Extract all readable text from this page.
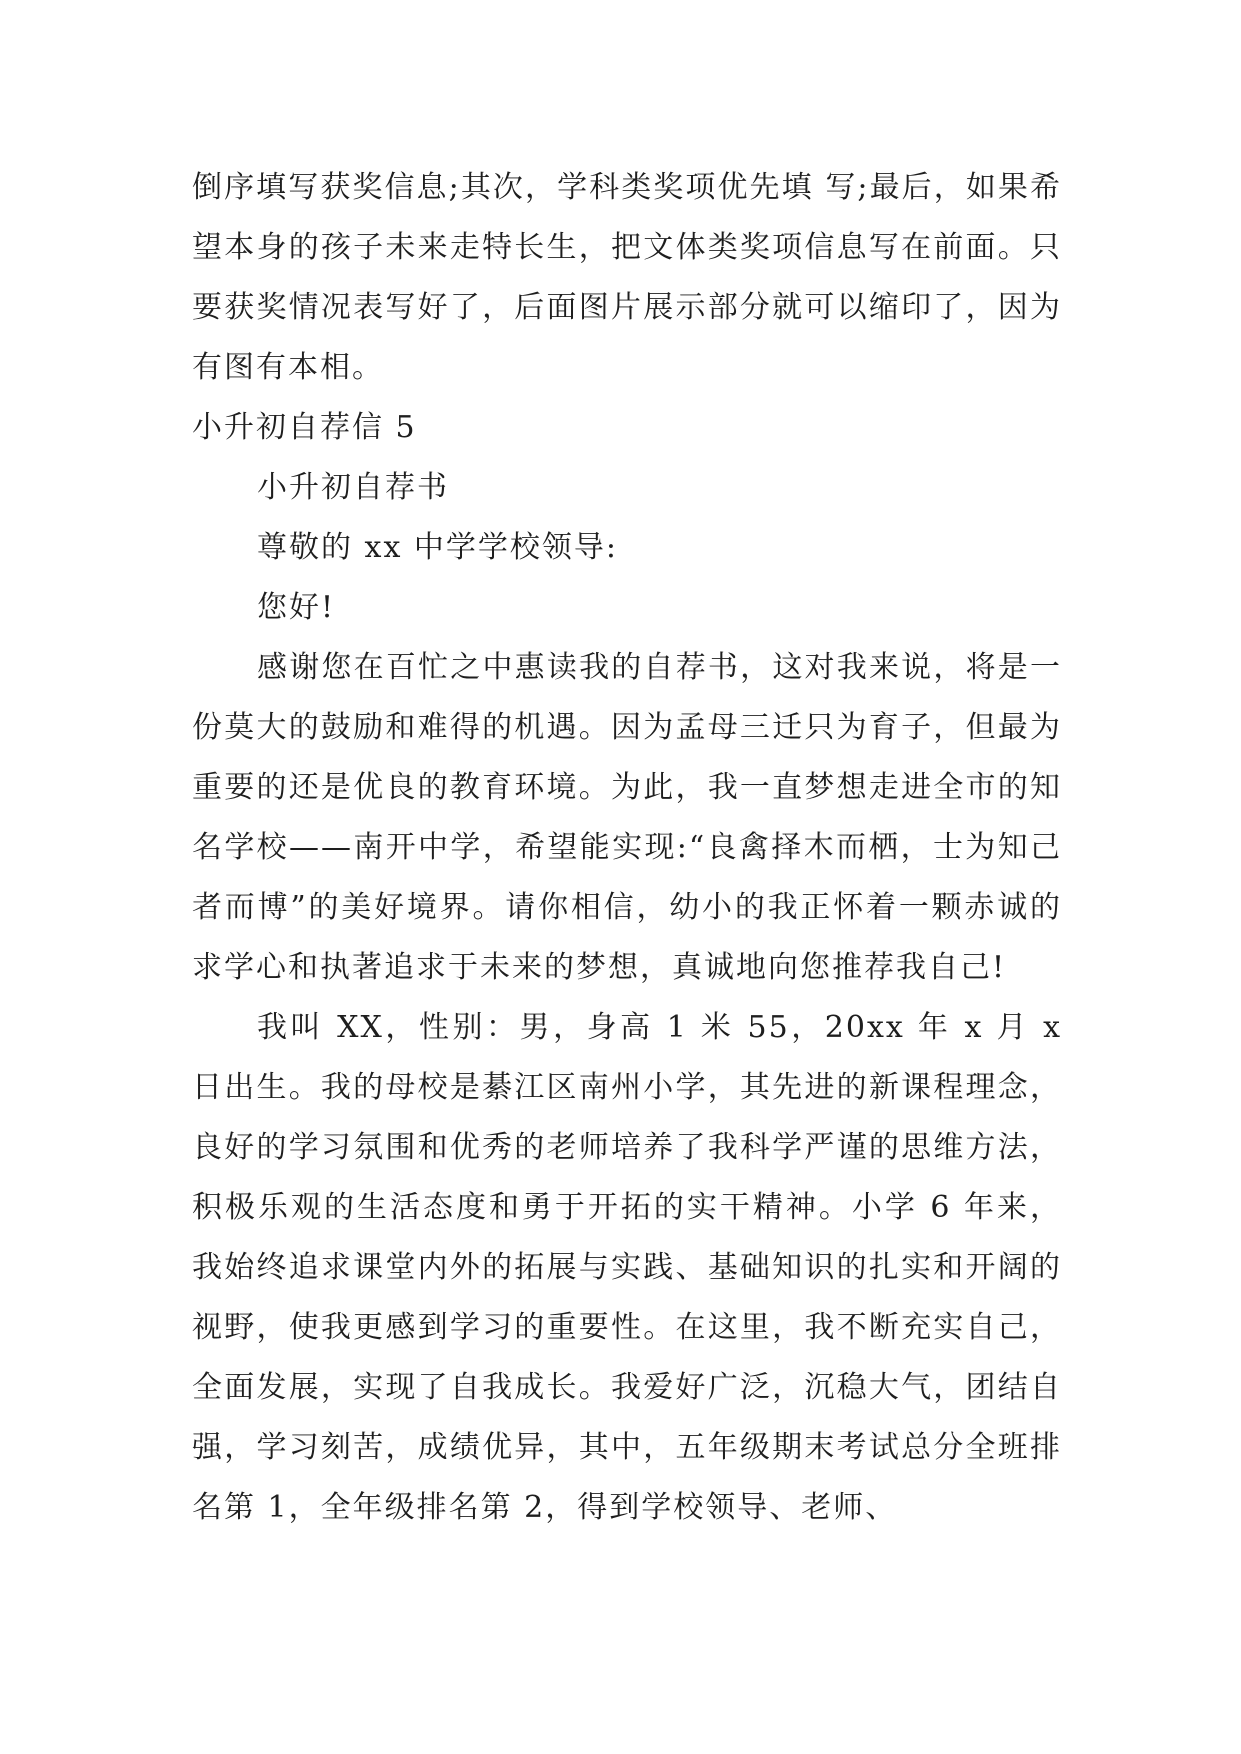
倒序填写获奖信息;其次，学科类奖项优先填 写;最后，如果希望本身的孩子未来走特长生，把文体类奖项信息写在前面。只要获奖情况表写好了，后面图片展示部分就可以缩印了，因为有图有本相。

小升初自荐信 5

小升初自荐书

尊敬的 xx 中学学校领导:

您好!

感谢您在百忙之中惠读我的自荐书，这对我来说，将是一份莫大的鼓励和难得的机遇。因为孟母三迁只为育子，但最为重要的还是优良的教育环境。为此，我一直梦想走进全市的知名学校——南开中学，希望能实现:“良禽择木而栖，士为知己者而博”的美好境界。请你相信，幼小的我正怀着一颗赤诚的求学心和执著追求于未来的梦想，真诚地向您推荐我自己!

我叫 XX，性别：男，身高 1 米 55，20xx 年 x 月 x 日出生。我的母校是綦江区南州小学，其先进的新课程理念，良好的学习氛围和优秀的老师培养了我科学严谨的思维方法，积极乐观的生活态度和勇于开拓的实干精神。小学 6 年来，我始终追求课堂内外的拓展与实践、基础知识的扎实和开阔的视野，使我更感到学习的重要性。在这里，我不断充实自己，全面发展，实现了自我成长。我爱好广泛，沉稳大气，团结自强，学习刻苦，成绩优异，其中，五年级期末考试总分全班排名第 1，全年级排名第 2，得到学校领导、老师、
